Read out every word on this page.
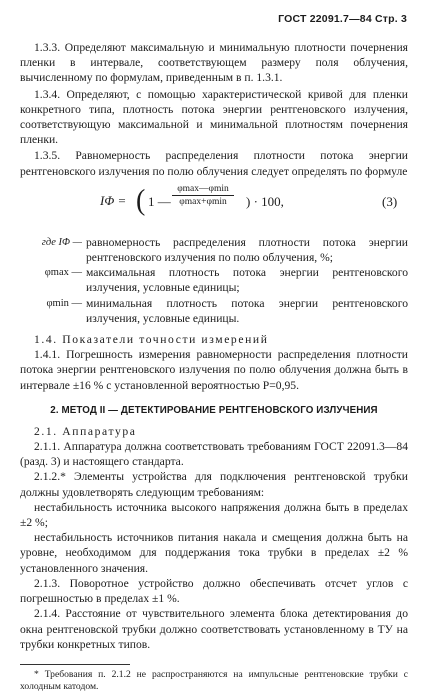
ГОСТ 22091.7—84 Стр. 3

1.3.3. Определяют максимальную и минимальную плотности почернения пленки в интервале, соответствующем размеру поля облучения, вычисленному по формулам, приведенным в п. 1.3.1.

1.3.4. Определяют, с помощью характеристической кривой для пленки конкретного типа, плотность потока энергии рентгеновского излучения, соответствующую максимальной и минимальной плотностям почернения пленки.

1.3.5. Равномерность распределения плотности потока энергии рентгеновского излучения по полю облучения следует определять по формуле

IΦ = ( 1 —
φmax—φmin
φmax+φmin	) · 100,	(3)
где IΦ — равномерность распределения плотности потока энергии рентгеновского излучения по полю облучения, %;
φmax — максимальная плотность потока энергии рентгеновского излучения, условные единицы;
φmin — минимальная плотность потока энергии рентгеновского излучения, условные единицы.

1.4. Показатели точности измерений

1.4.1. Погрешность измерения равномерности распределения плотности потока энергии рентгеновского излучения по полю облучения должна быть в интервале ±16 % с установленной вероятностью P=0,95.

2. МЕТОД II — ДЕТЕКТИРОВАНИЕ РЕНТГЕНОВСКОГО ИЗЛУЧЕНИЯ

2.1. Аппаратура

2.1.1. Аппаратура должна соответствовать требованиям ГОСТ 22091.3—84 (разд. 3) и настоящего стандарта.

2.1.2.* Элементы устройства для подключения рентгеновской трубки должны удовлетворять следующим требованиям:

нестабильность источника высокого напряжения должна быть в пределах ±2 %;

нестабильность источников питания накала и смещения должна быть на уровне, необходимом для поддержания тока трубки в пределах ±2 % установленного значения.

2.1.3. Поворотное устройство должно обеспечивать отсчет углов с погрешностью в пределах ±1 %.

2.1.4. Расстояние от чувствительного элемента блока детектирования до окна рентгеновской трубки должно соответствовать установленному в ТУ на трубки конкретных типов.

* Требования п. 2.1.2 не распространяются на импульсные рентгеновские трубки с холодным катодом.
